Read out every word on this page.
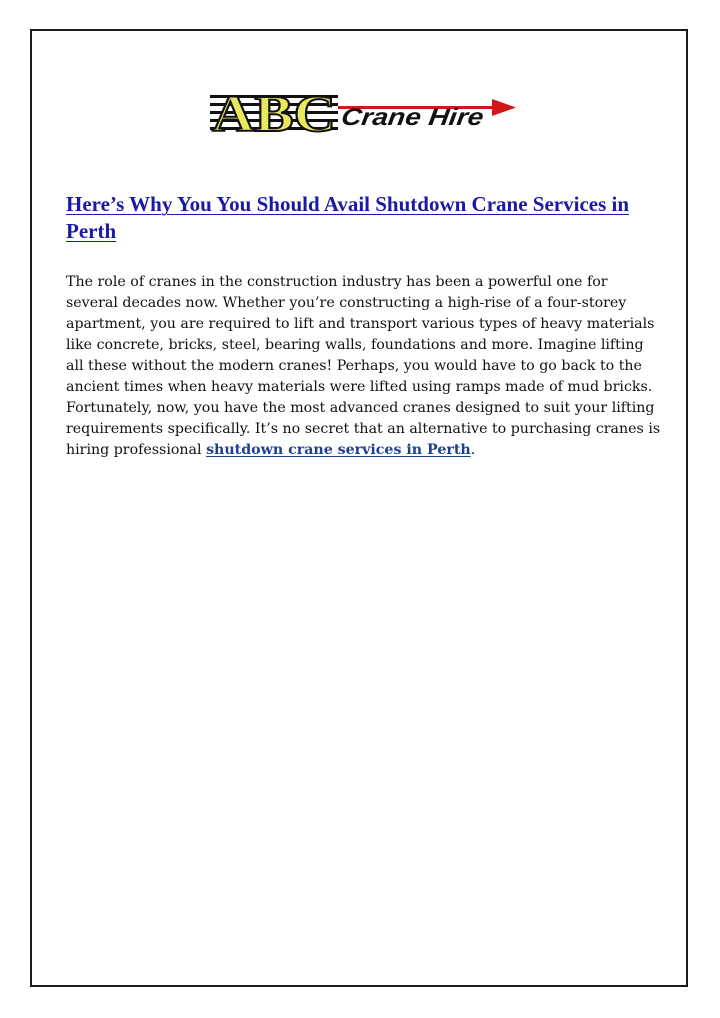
ABC Crane Hire
Here’s Why You You Should Avail Shutdown Crane Services in Perth

The role of cranes in the construction industry has been a powerful one for several decades now. Whether you’re constructing a high-rise of a four-storey apartment, you are required to lift and transport various types of heavy materials like concrete, bricks, steel, bearing walls, foundations and more. Imagine lifting all these without the modern cranes! Perhaps, you would have to go back to the ancient times when heavy materials were lifted using ramps made of mud bricks. Fortunately, now, you have the most advanced cranes designed to suit your lifting requirements specifically. It’s no secret that an alternative to purchasing cranes is hiring professional shutdown crane services in Perth.
